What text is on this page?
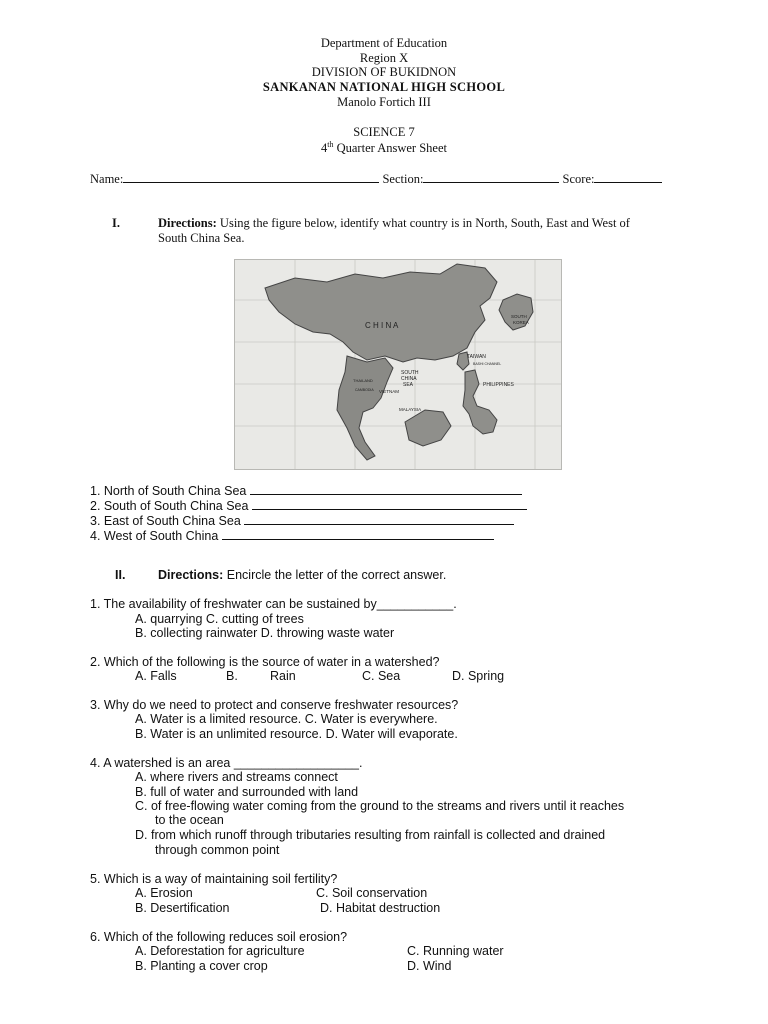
Department of Education
Region X
DIVISION OF BUKIDNON
SANKANAN NATIONAL HIGH SCHOOL
Manolo Fortich III
SCIENCE 7
4th Quarter Answer Sheet
Name:	Section:	Score:
I.	Directions: Using the figure below, identify what country is in North, South, East and West of
South China Sea.
C H I N A
SOUTH
KOREA
TAIWAN
BASHI CHANNEL
SOUTH
CHINA
SEA	PHILIPPINES
THAILAND
VIETNAM
CAMBODIA
MALAYSIA
1. North of South China Sea
2. South of South China Sea
3. East of South China Sea
4. West of South China
II.	Directions: Encircle the letter of the correct answer.
1. The availability of freshwater can be sustained by___________.
A. quarrying C. cutting of trees
B. collecting rainwater D. throwing waste water
2. Which of the following is the source of water in a watershed?
A. Falls	B.	Rain	C. Sea	D. Spring
3. Why do we need to protect and conserve freshwater resources?
A. Water is a limited resource. C. Water is everywhere.
B. Water is an unlimited resource. D. Water will evaporate.
4. A watershed is an area __________________.
A. where rivers and streams connect
B. full of water and surrounded with land
C. of free-flowing water coming from the ground to the streams and rivers until it reaches
to the ocean
D. from which runoff through tributaries resulting from rainfall is collected and drained
through common point
5. Which is a way of maintaining soil fertility?
A. Erosion	C. Soil conservation
B. Desertification	D. Habitat destruction
6. Which of the following reduces soil erosion?
A. Deforestation for agriculture	C. Running water
B. Planting a cover crop	D. Wind
